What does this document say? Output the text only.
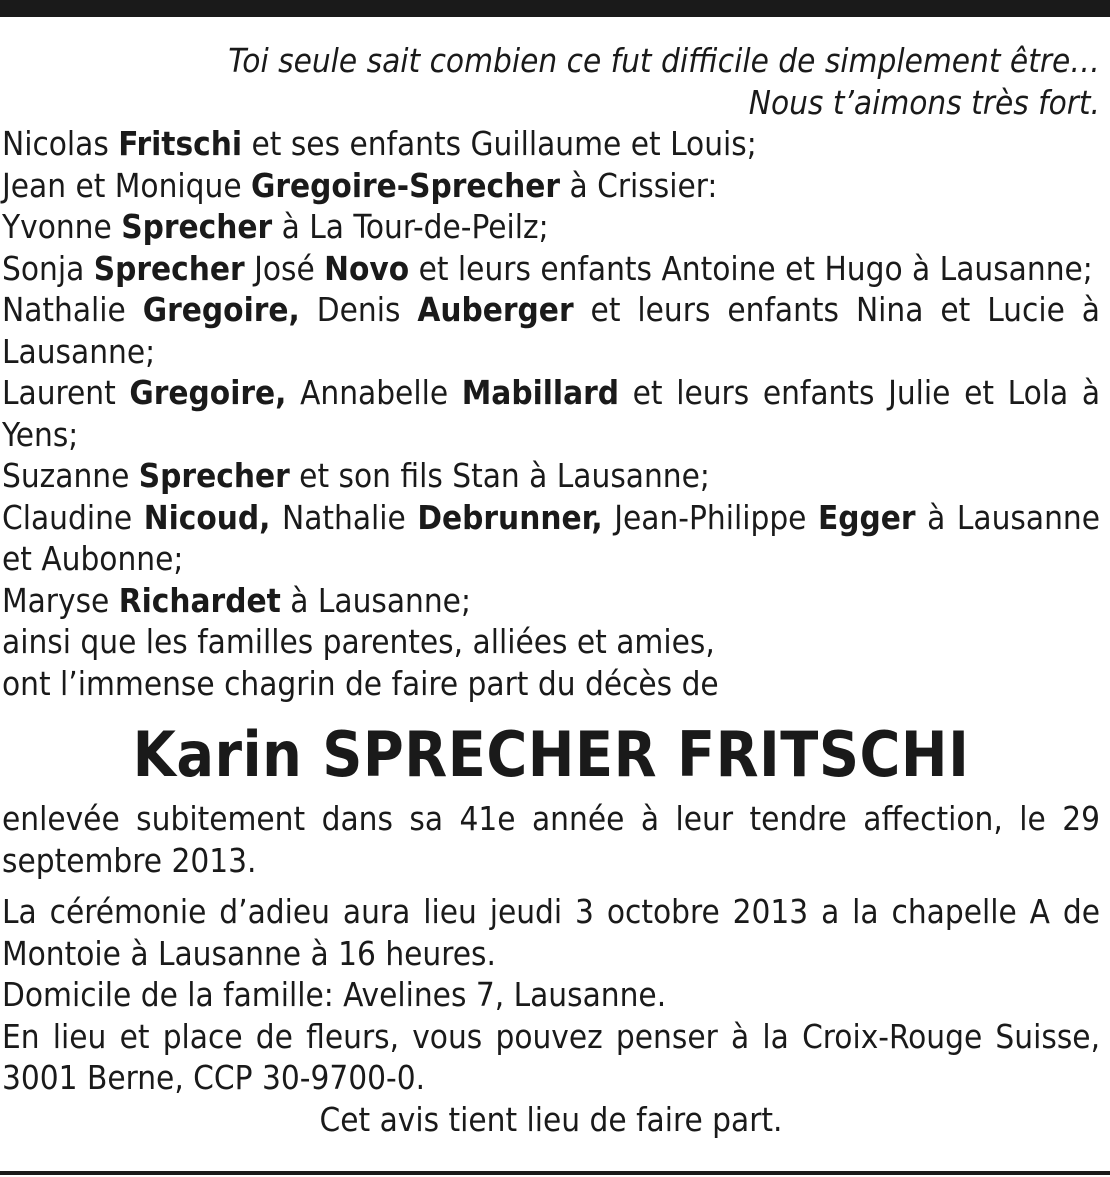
Toi seule sait combien ce fut difficile de simplement être…
Nous t’aimons très fort.
Nicolas Fritschi et ses enfants Guillaume et Louis;
Jean et Monique Gregoire-Sprecher à Crissier:
Yvonne Sprecher à La Tour-de-Peilz;
Sonja Sprecher José Novo et leurs enfants Antoine et Hugo à Lausanne;
Nathalie Gregoire, Denis Auberger et leurs enfants Nina et Lucie à Lausanne;
Laurent Gregoire, Annabelle Mabillard et leurs enfants Julie et Lola à Yens;
Suzanne Sprecher et son fils Stan à Lausanne;
Claudine Nicoud, Nathalie Debrunner, Jean-Philippe Egger à Lausanne et Aubonne;
Maryse Richardet à Lausanne;
ainsi que les familles parentes, alliées et amies,
ont l’immense chagrin de faire part du décès de
Karin SPRECHER FRITSCHI
enlevée subitement dans sa 41e année à leur tendre affection, le 29 septembre 2013.
La cérémonie d’adieu aura lieu jeudi 3 octobre 2013 a la chapelle A de Montoie à Lausanne à 16 heures.
Domicile de la famille: Avelines 7, Lausanne.
En lieu et place de fleurs, vous pouvez penser à la Croix-Rouge Suisse, 3001 Berne, CCP 30-9700-0.
Cet avis tient lieu de faire part.
